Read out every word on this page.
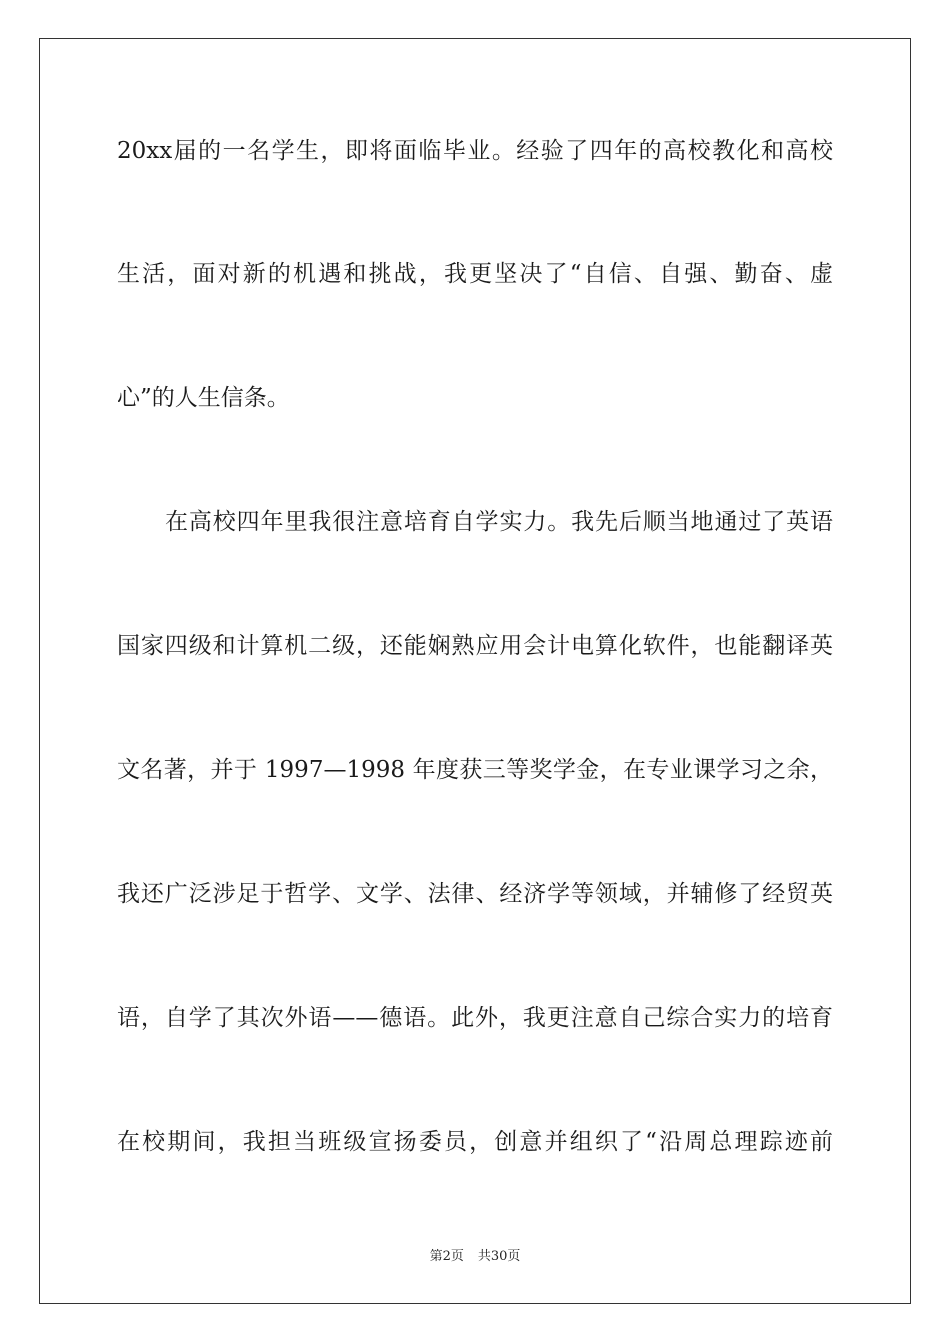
20xx届的一名学生，即将面临毕业。经验了四年的高校教化和高校
生活，面对新的机遇和挑战，我更坚决了“自信、自强、勤奋、虚
心”的人生信条。
在高校四年里我很注意培育自学实力。我先后顺当地通过了英语
国家四级和计算机二级，还能娴熟应用会计电算化软件，也能翻译英
文名著，并于 1997—1998 年度获三等奖学金，在专业课学习之余，
我还广泛涉足于哲学、文学、法律、经济学等领域，并辅修了经贸英
语，自学了其次外语——德语。此外，我更注意自己综合实力的培育
在校期间，我担当班级宣扬委员，创意并组织了“沿周总理踪迹前
第2页 共30页
